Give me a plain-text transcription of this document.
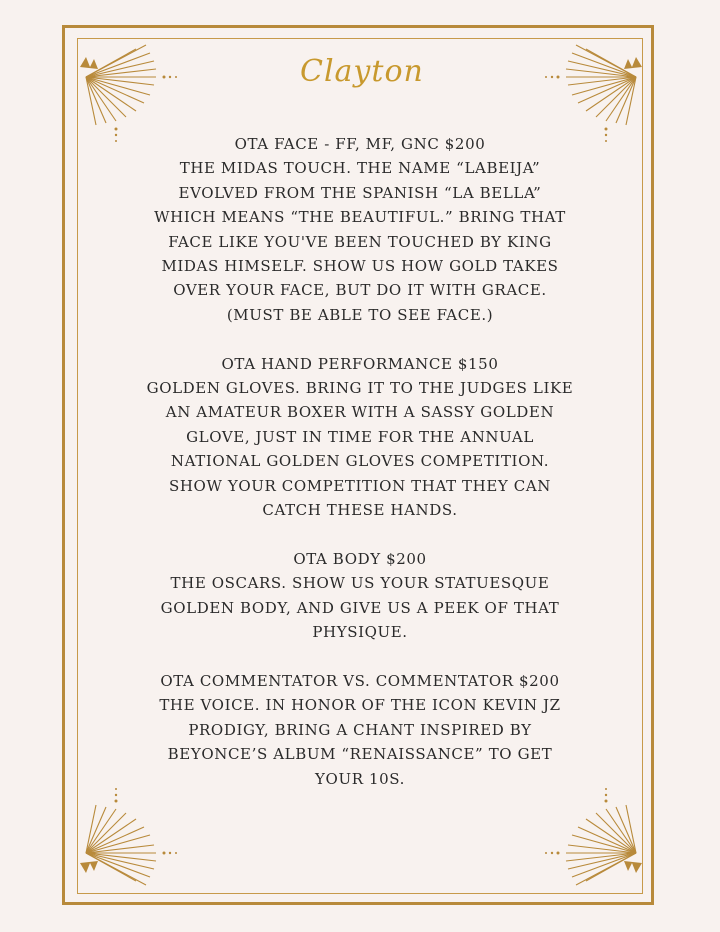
Clayton

OTA FACE - FF, MF, GNC $200

THE MIDAS TOUCH. THE NAME “LABEIJA”

EVOLVED FROM THE SPANISH “LA BELLA”

WHICH MEANS “THE BEAUTIFUL.” BRING THAT

FACE LIKE YOU'VE BEEN TOUCHED BY KING

MIDAS HIMSELF. SHOW US HOW GOLD TAKES

OVER YOUR FACE, BUT DO IT WITH GRACE.

(MUST BE ABLE TO SEE FACE.)

OTA HAND PERFORMANCE $150

GOLDEN GLOVES. BRING IT TO THE JUDGES LIKE

AN AMATEUR BOXER WITH A SASSY GOLDEN

GLOVE, JUST IN TIME FOR THE ANNUAL

NATIONAL GOLDEN GLOVES COMPETITION.

SHOW YOUR COMPETITION THAT THEY CAN

CATCH THESE HANDS.

OTA BODY $200

THE OSCARS. SHOW US YOUR STATUESQUE

GOLDEN BODY, AND GIVE US A PEEK OF THAT

PHYSIQUE.

OTA COMMENTATOR VS. COMMENTATOR $200

THE VOICE. IN HONOR OF THE ICON KEVIN JZ

PRODIGY, BRING A CHANT INSPIRED BY

BEYONCE’S ALBUM “RENAISSANCE” TO GET

YOUR 10S.
